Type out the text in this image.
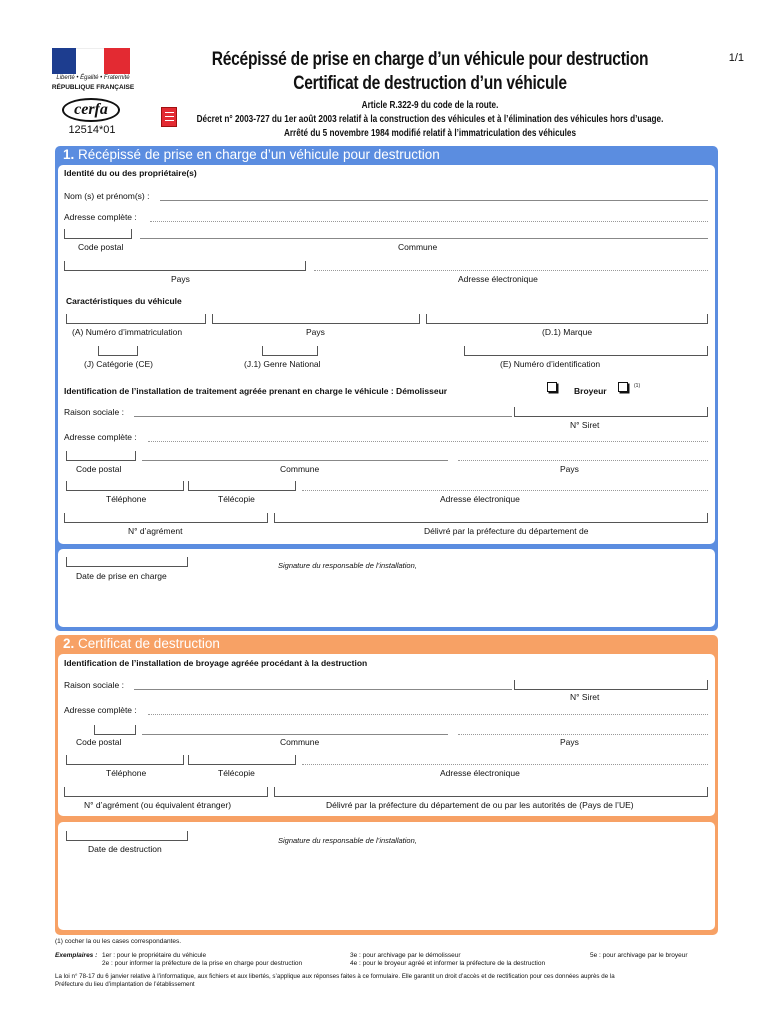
Liberté • Égalité • Fraternité
RÉPUBLIQUE FRANÇAISE
cerfa
12514*01
1/1
Récépissé de prise en charge d’un véhicule pour destruction
Certificat de destruction d’un véhicule
Article R.322-9 du code de la route.
Décret n° 2003-727 du 1er août 2003 relatif à la construction des véhicules et à l’élimination des véhicules hors d’usage.
Arrêté du 5 novembre 1984 modifié relatif à l’immatriculation des véhicules
1. Récépissé de prise en charge d’un véhicule pour destruction
Identité du ou des propriétaire(s)
Nom (s) et prénom(s) :
Adresse complète :
Code postal	Commune
Pays	Adresse électronique
Caractéristiques du véhicule
(A) Numéro d’immatriculation	Pays	(D.1) Marque
(J) Catégorie (CE)	(J.1) Genre National	(E) Numéro d’identification
Identification de l’installation de traitement agréée prenant en charge le véhicule : Démolisseur	Broyeur	(1)
Raison sociale :
N° Siret
Adresse complète :
Code postal	Commune	Pays
Téléphone	Télécopie	Adresse électronique
N° d’agrément	Délivré par la préfecture du département de
Date de prise en charge
Signature du responsable de l’installation,
2. Certificat de destruction
Identification de l’installation de broyage agréée procédant à la destruction
Raison sociale :
N° Siret
Adresse complète :
Code postal	Commune	Pays
Téléphone	Télécopie	Adresse électronique
N° d’agrément (ou équivalent étranger)	Délivré par la préfecture du département de ou par les autorités de (Pays de l’UE)
Date de destruction
Signature du responsable de l’installation,
(1) cocher la ou les cases correspondantes.
Exemplaires : 1er : pour le propriétaire du véhicule
2e : pour informer la préfecture de la prise en charge pour destruction
3e : pour archivage par le démolisseur
4e : pour le broyeur agréé et informer la préfecture de la destruction
5e : pour archivage par le broyeur
La loi n° 78-17 du 6 janvier relative à l’informatique, aux fichiers et aux libertés, s’applique aux réponses faites à ce formulaire. Elle garantit un droit d’accès et de rectification pour ces données auprès de la
Préfecture du lieu d’implantation de l’établissement
